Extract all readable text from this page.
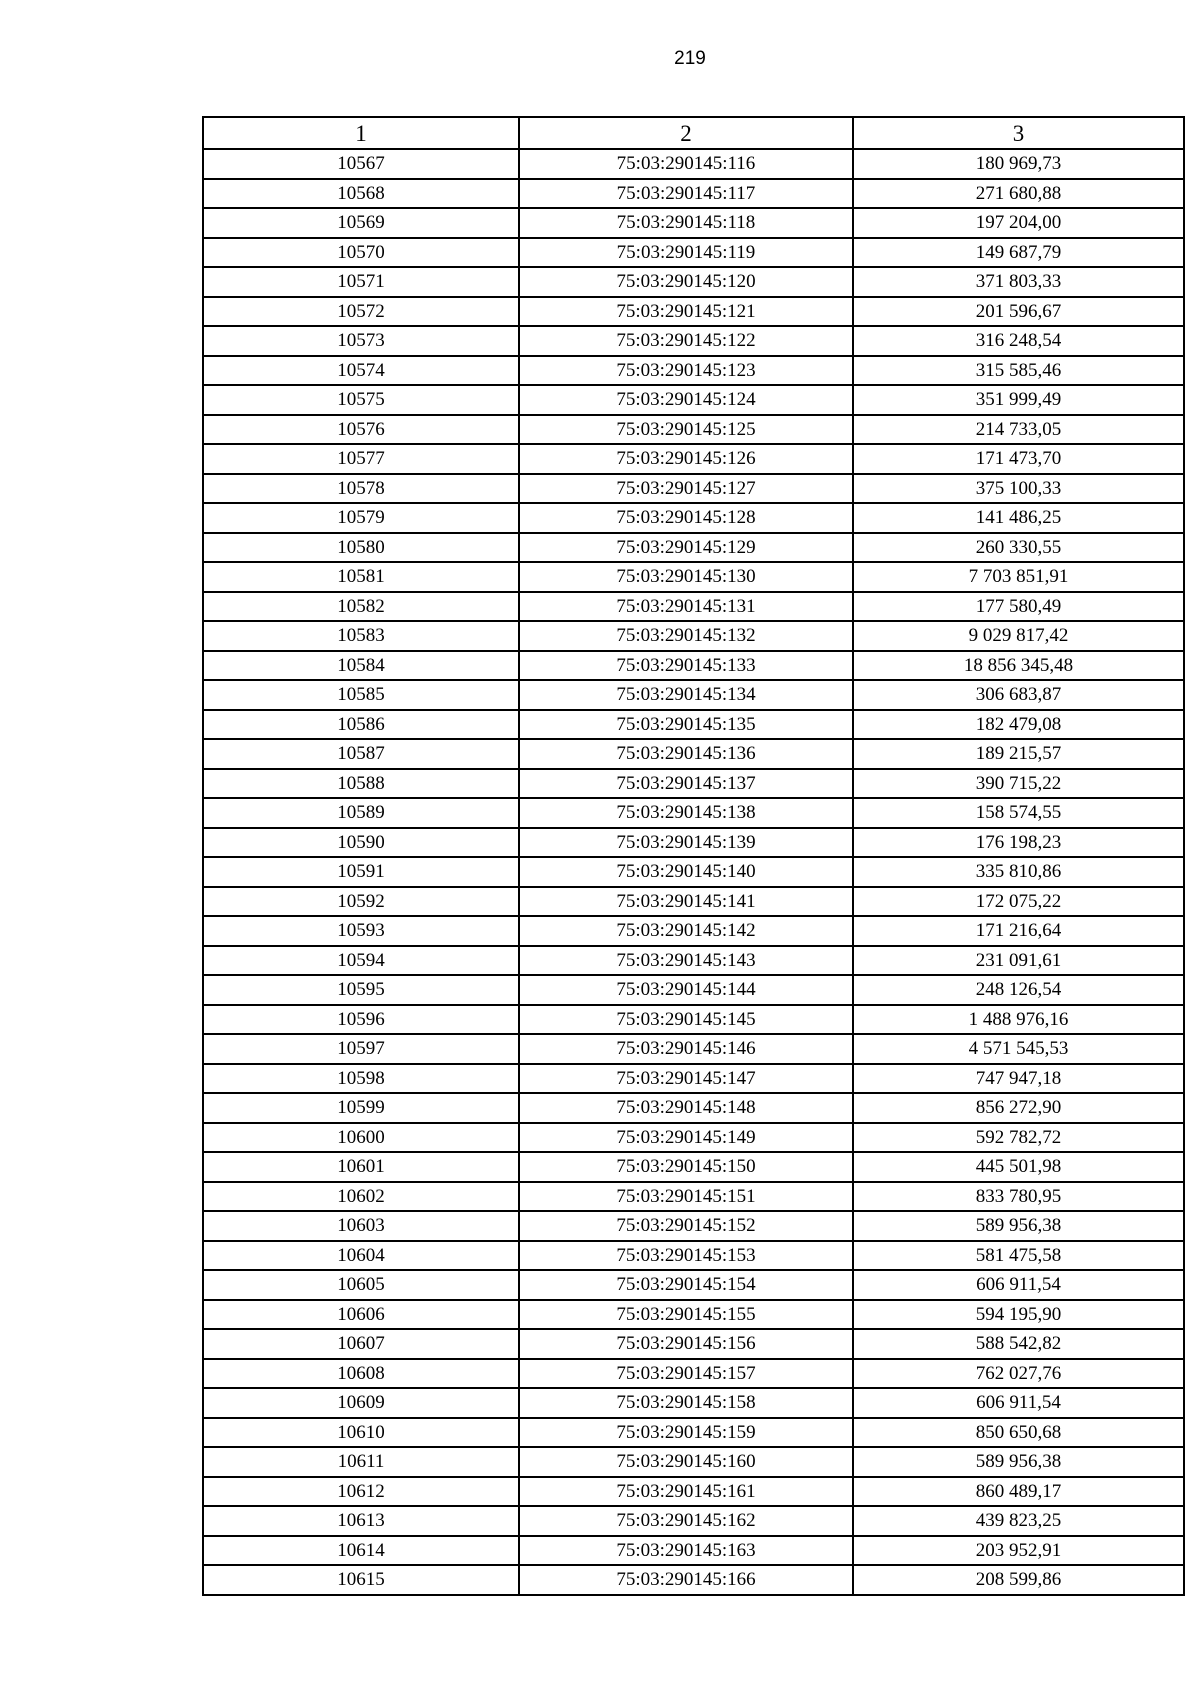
219
1	2	3
10567	75:03:290145:116	180 969,73
10568	75:03:290145:117	271 680,88
10569	75:03:290145:118	197 204,00
10570	75:03:290145:119	149 687,79
10571	75:03:290145:120	371 803,33
10572	75:03:290145:121	201 596,67
10573	75:03:290145:122	316 248,54
10574	75:03:290145:123	315 585,46
10575	75:03:290145:124	351 999,49
10576	75:03:290145:125	214 733,05
10577	75:03:290145:126	171 473,70
10578	75:03:290145:127	375 100,33
10579	75:03:290145:128	141 486,25
10580	75:03:290145:129	260 330,55
10581	75:03:290145:130	7 703 851,91
10582	75:03:290145:131	177 580,49
10583	75:03:290145:132	9 029 817,42
10584	75:03:290145:133	18 856 345,48
10585	75:03:290145:134	306 683,87
10586	75:03:290145:135	182 479,08
10587	75:03:290145:136	189 215,57
10588	75:03:290145:137	390 715,22
10589	75:03:290145:138	158 574,55
10590	75:03:290145:139	176 198,23
10591	75:03:290145:140	335 810,86
10592	75:03:290145:141	172 075,22
10593	75:03:290145:142	171 216,64
10594	75:03:290145:143	231 091,61
10595	75:03:290145:144	248 126,54
10596	75:03:290145:145	1 488 976,16
10597	75:03:290145:146	4 571 545,53
10598	75:03:290145:147	747 947,18
10599	75:03:290145:148	856 272,90
10600	75:03:290145:149	592 782,72
10601	75:03:290145:150	445 501,98
10602	75:03:290145:151	833 780,95
10603	75:03:290145:152	589 956,38
10604	75:03:290145:153	581 475,58
10605	75:03:290145:154	606 911,54
10606	75:03:290145:155	594 195,90
10607	75:03:290145:156	588 542,82
10608	75:03:290145:157	762 027,76
10609	75:03:290145:158	606 911,54
10610	75:03:290145:159	850 650,68
10611	75:03:290145:160	589 956,38
10612	75:03:290145:161	860 489,17
10613	75:03:290145:162	439 823,25
10614	75:03:290145:163	203 952,91
10615	75:03:290145:166	208 599,86
